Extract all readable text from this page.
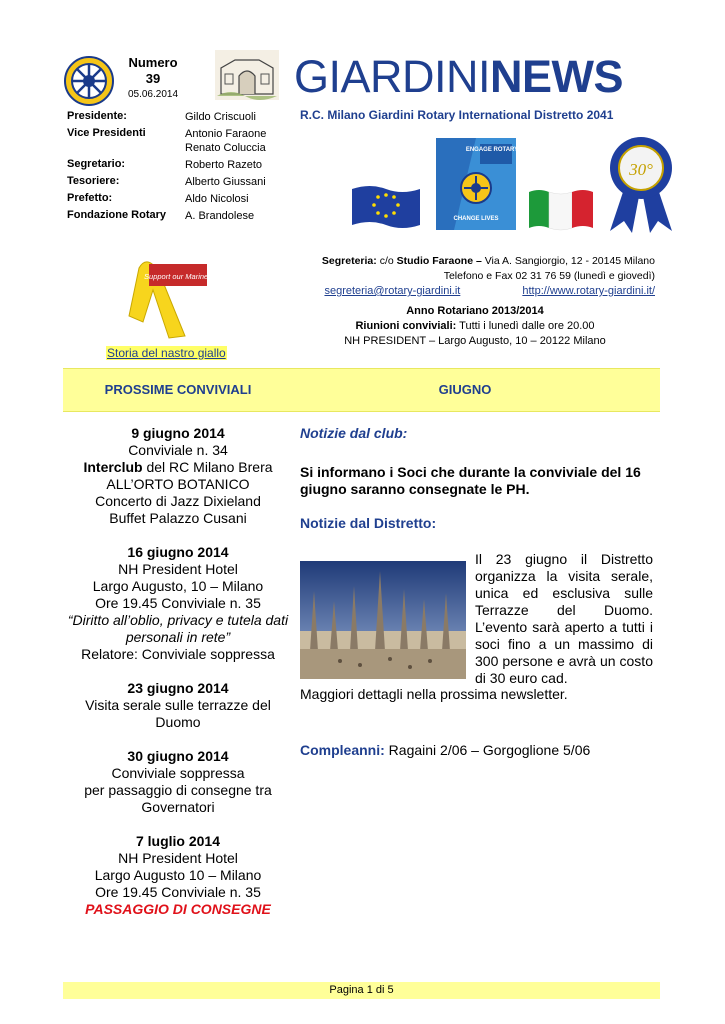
Numero
39
05.06.2014	GIARDININEWS
R.C. Milano Giardini Rotary International Distretto 2041
Presidente:	Gildo Criscuoli
Vice Presidenti	Antonio Faraone
Renato Coluccia
Segretario:	Roberto Razeto
Tesoriere:	Alberto Giussani
Prefetto:	Aldo Nicolosi
Fondazione Rotary	A. Brandolese
ENGAGE ROTARY
CHANGE LIVES
30°
Support our Marines
Storia del nastro giallo
Segreteria: c/o Studio Faraone – Via A. Sangiorgio, 12 - 20145 Milano
Telefono e Fax 02 31 76 59 (lunedì e giovedì)
segreteria@rotary-giardini.it	http://www.rotary-giardini.it/
Anno Rotariano 2013/2014
Riunioni conviviali: Tutti i lunedì dalle ore 20.00
NH PRESIDENT – Largo Augusto, 10 – 20122 Milano
PROSSIME CONVIVIALI	GIUGNO
9 giugno 2014
Conviviale n. 34
Interclub del RC Milano Brera
ALL’ORTO BOTANICO
Concerto di Jazz Dixieland
Buffet Palazzo Cusani
16 giugno 2014
NH President Hotel
Largo Augusto, 10 – Milano
Ore 19.45 Conviviale n. 35
“Diritto all’oblio, privacy e tutela dati personali in rete”
Relatore: Conviviale soppressa
23 giugno 2014
Visita serale sulle terrazze del Duomo
30 giugno 2014
Conviviale soppressa
per passaggio di consegne tra Governatori
7 luglio 2014
NH President Hotel
Largo Augusto 10 – Milano
Ore 19.45 Conviviale n. 35
PASSAGGIO DI CONSEGNE
Notizie dal club:
Si informano i Soci che durante la conviviale del 16 giugno saranno consegnate le PH.
Notizie dal Distretto:
Il 23 giugno il Distretto organizza la visita serale, unica ed esclusiva sulle Terrazze del Duomo. L’evento sarà aperto a tutti i soci fino a un massimo di 300 persone e avrà un costo di 30 euro cad.
Maggiori dettagli nella prossima newsletter.
Compleanni: Ragaini 2/06 – Gorgoglione 5/06
Pagina 1 di 5
